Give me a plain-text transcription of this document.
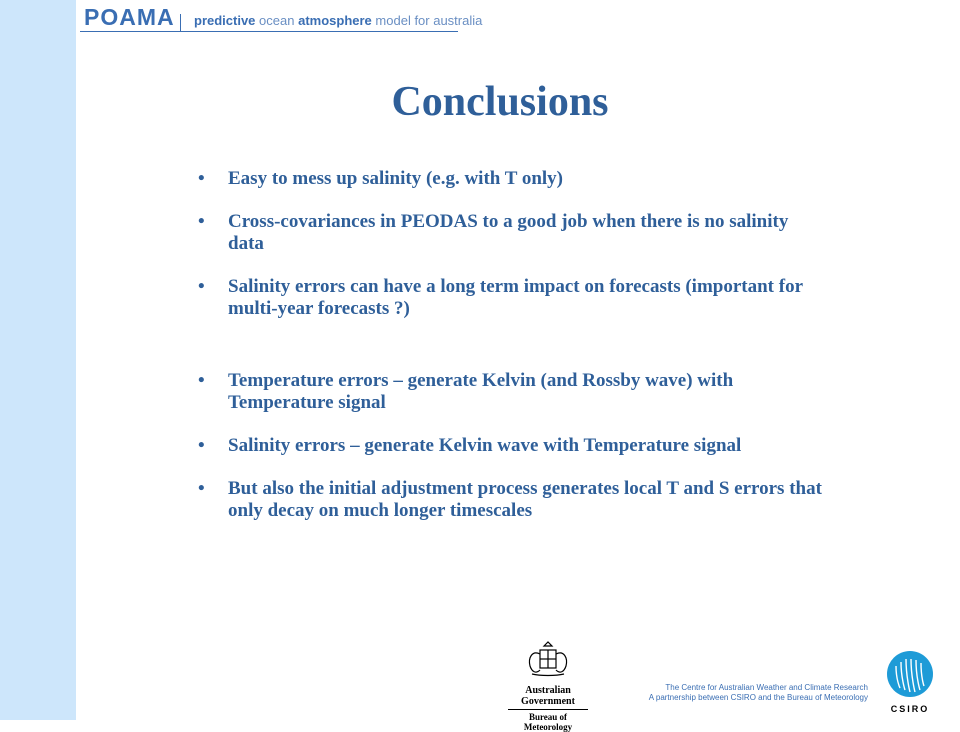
POAMA predictive ocean atmosphere model for australia
Conclusions
• Easy to mess up salinity (e.g. with T only)
• Cross-covariances in PEODAS to a good job when there is no salinity data
• Salinity errors can have a long term impact on forecasts (important for multi-year forecasts ?)
• Temperature errors – generate Kelvin (and Rossby wave) with Temperature signal
• Salinity errors – generate Kelvin wave with Temperature signal
• But also the initial adjustment process generates local T and S errors that only decay on much longer timescales
Australian Government
Bureau of Meteorology
The Centre for Australian Weather and Climate Research
A partnership between CSIRO and the Bureau of Meteorology
CSIRO
